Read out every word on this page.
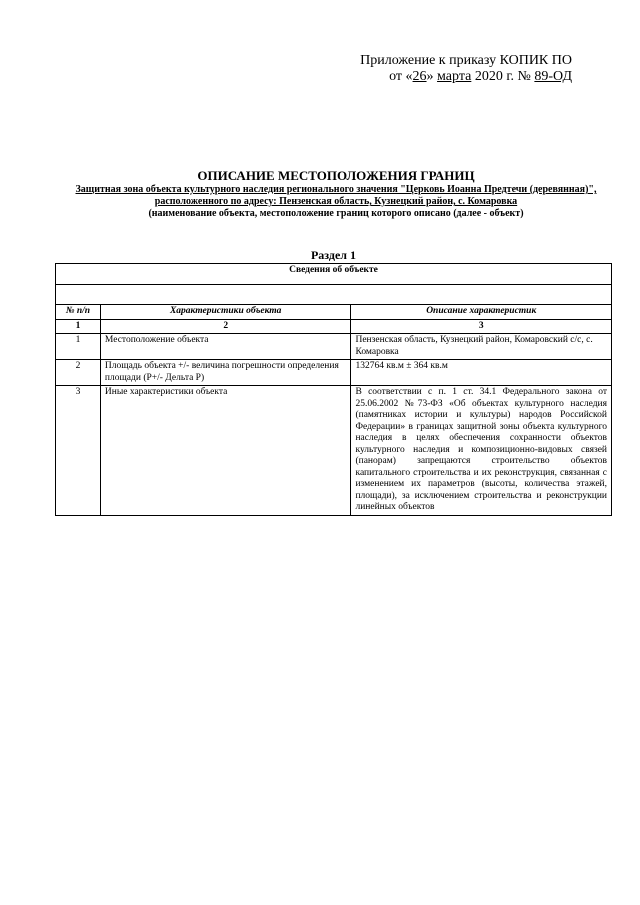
Приложение к приказу КОПИК ПО
от «26» марта 2020 г. № 89-ОД
ОПИСАНИЕ МЕСТОПОЛОЖЕНИЯ ГРАНИЦ
Защитная зона объекта культурного наследия регионального значения "Церковь Иоанна Предтечи (деревянная)", расположенного по адресу: Пензенская область, Кузнецкий район, с. Комаровка
(наименование объекта, местоположение границ которого описано (далее - объект)
Раздел 1
Сведения об объекте		

№ п/п	Характеристики объекта	Описание характеристик
1	2	3
1	Местоположение объекта	Пензенская область, Кузнецкий район, Комаровский с/с, с. Комаровка
2	Площадь объекта +/- величина погрешности определения площади (Р+/- Дельта Р)	132764 кв.м ± 364 кв.м
3	Иные характеристики объекта	В соответствии с п. 1 ст. 34.1 Федерального закона от 25.06.2002 №73-ФЗ «Об объектах культурного наследия (памятниках истории и культуры) народов Российской Федерации» в границах защитной зоны объекта культурного наследия в целях обеспечения сохранности объектов культурного наследия и композиционно-видовых связей (панорам) запрещаются строительство объектов капитального строительства и их реконструкция, связанная с изменением их параметров (высоты, количества этажей, площади), за исключением строительства и реконструкции линейных объектов
